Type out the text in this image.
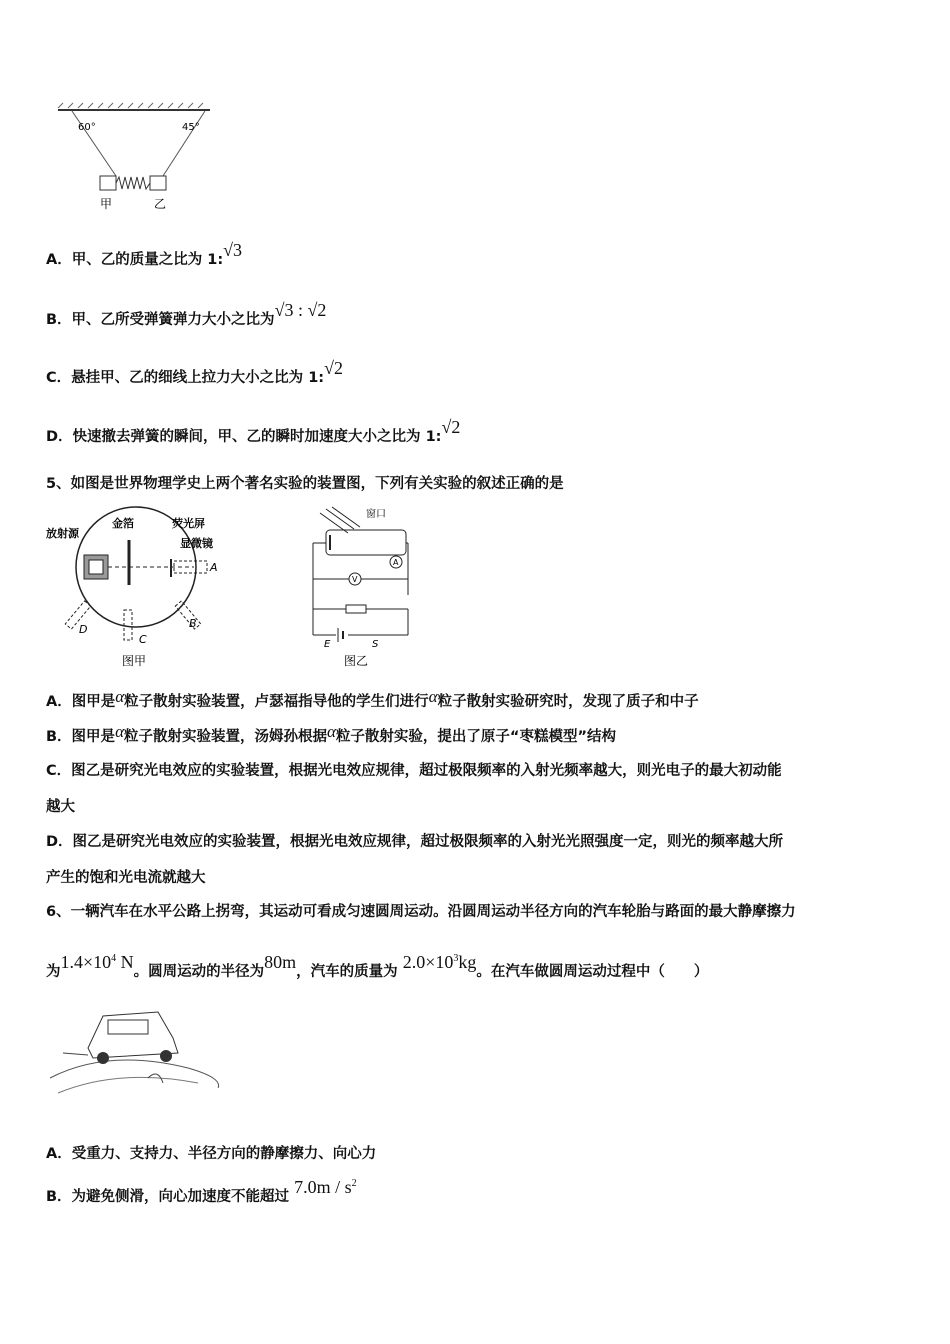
60°	45°
甲	乙
A．甲、乙的质量之比为 1:√3
B．甲、乙所受弹簧弹力大小之比为√3 : √2
C．悬挂甲、乙的细线上拉力大小之比为 1:√2
D．快速撤去弹簧的瞬间，甲、乙的瞬时加速度大小之比为 1:√2
5、如图是世界物理学史上两个著名实验的装置图，下列有关实验的叙述正确的是
放射源
金箔	荧光屏
显微镜
A
B
C
D
图甲
窗口
A
V
E	S
图乙
A．图甲是α粒子散射实验装置，卢瑟福指导他的学生们进行α粒子散射实验研究时，发现了质子和中子
B．图甲是α粒子散射实验装置，汤姆孙根据α粒子散射实验，提出了原子“枣糕模型”结构
C．图乙是研究光电效应的实验装置，根据光电效应规律，超过极限频率的入射光频率越大，则光电子的最大初动能
越大
D．图乙是研究光电效应的实验装置，根据光电效应规律，超过极限频率的入射光光照强度一定，则光的频率越大所
产生的饱和光电流就越大
6、一辆汽车在水平公路上拐弯，其运动可看成匀速圆周运动。沿圆周运动半径方向的汽车轮胎与路面的最大静摩擦力
为$1.4\times 10^4$ N。圆周运动的半径为80m，汽车的质量为 $2.0\times 10^3kg$。在汽车做圆周运动过程中（　　）
A．受重力、支持力、半径方向的静摩擦力、向心力
B．为避免侧滑，向心加速度不能超过 $7.0m / s^2$
